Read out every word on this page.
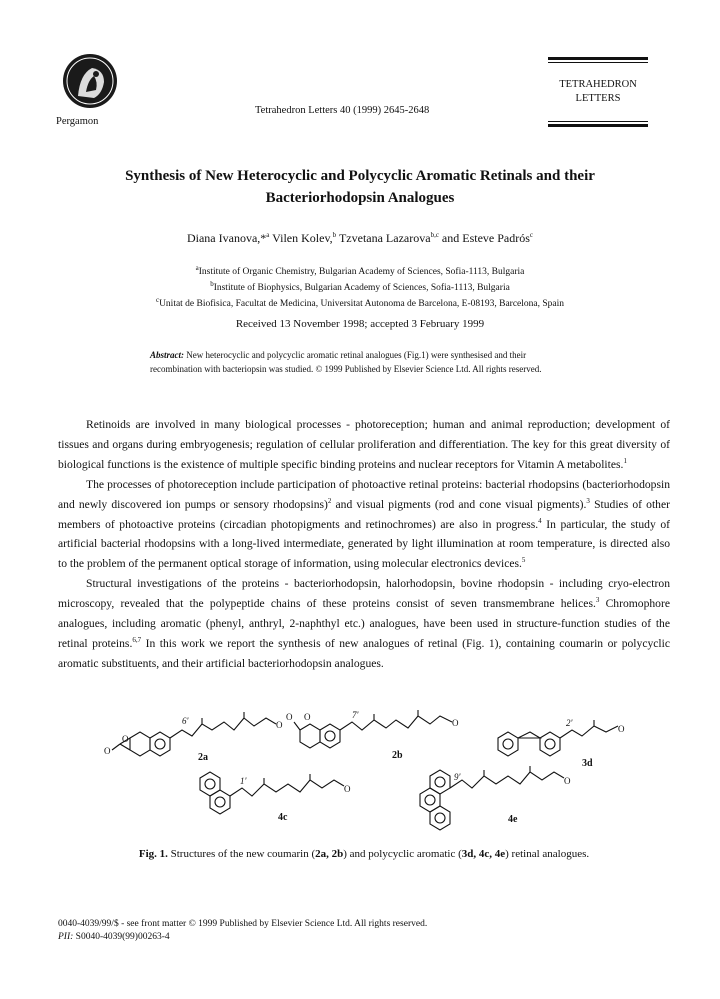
Pergamon
Tetrahedron Letters 40 (1999) 2645-2648
TETRAHEDRON
LETTERS
Synthesis of New Heterocyclic and Polycyclic Aromatic Retinals and their
Bacteriorhodopsin Analogues
Diana Ivanova,*$^a$ Vilen Kolev,$^b$ Tzvetana Lazarova$^{b,c}$ and Esteve Padrós$^c$
$^a$Institute of Organic Chemistry, Bulgarian Academy of Sciences, Sofia-1113, Bulgaria
$^b$Institute of Biophysics, Bulgarian Academy of Sciences, Sofia-1113, Bulgaria
$^c$Unitat de Biofisica, Facultat de Medicina, Universitat Autonoma de Barcelona, E-08193, Barcelona, Spain
Received 13 November 1998; accepted 3 February 1999
Abstract: New heterocyclic and polycyclic aromatic retinal analogues (Fig.1) were synthesised and their recombination with bacteriopsin was studied. © 1999 Published by Elsevier Science Ltd. All rights reserved.

Retinoids are involved in many biological processes - photoreception; human and animal reproduction; development of tissues and organs during embryogenesis; regulation of cellular proliferation and differentiation. The key for this great diversity of biological functions is the existence of multiple specific binding proteins and nuclear receptors for Vitamin A metabolites.$^1$

The processes of photoreception include participation of photoactive retinal proteins: bacterial rhodopsins (bacteriorhodopsin and newly discovered ion pumps or sensory rhodopsins)$^2$ and visual pigments (rod and cone visual pigments).$^3$ Studies of other members of photoactive proteins (circadian photopigments and retinochromes) are also in progress.$^4$ In particular, the study of artificial bacterial rhodopsins with a long-lived intermediate, generated by light illumination at room temperature, is directed also to the problem of the permanent optical storage of information, using molecular electronics devices.$^5$

Structural investigations of the proteins - bacteriorhodopsin, halorhodopsin, bovine rhodopsin - including cryo-electron microscopy, revealed that the polypeptide chains of these proteins consist of seven transmembrane helices.$^3$ Chromophore analogues, including aromatic (phenyl, anthryl, 2-naphthyl etc.) analogues, have been used in structure-function studies of the retinal proteins.$^{6,7}$ In this work we report the synthesis of new analogues of retinal (Fig. 1), containing coumarin or polycyclic aromatic substituents, and their artificial bacteriorhodopsin analogues.

O
O
O
6'
2a
O O
O
7'
2b
O
2'
3d
O
1'
4c
O
9'
4e
Fig. 1. Structures of the new coumarin (2a, 2b) and polycyclic aromatic (3d, 4c, 4e) retinal analogues.
0040-4039/99/$ - see front matter © 1999 Published by Elsevier Science Ltd. All rights reserved.
PII: S0040-4039(99)00263-4
